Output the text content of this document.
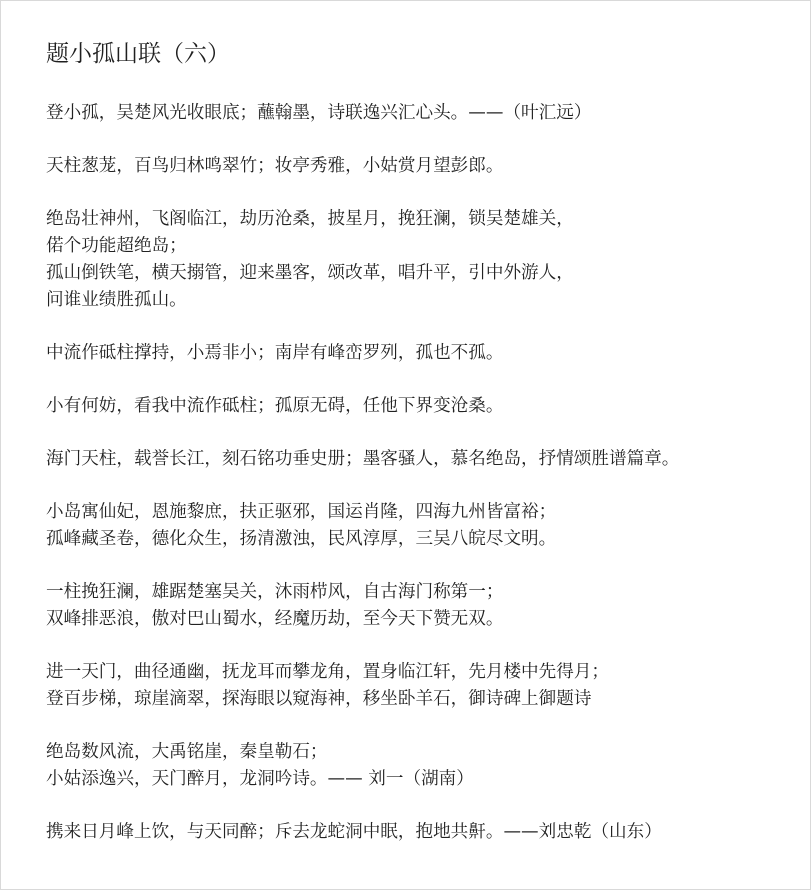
题小孤山联（六）
登小孤，吴楚风光收眼底；蘸翰墨，诗联逸兴汇心头。——（叶汇远）
天柱葱茏，百鸟归林鸣翠竹；妆亭秀雅，小姑赏月望彭郎。
绝岛壮神州，飞阁临江，劫历沧桑，披星月，挽狂澜，锁吴楚雄关，
偌个功能超绝岛；
孤山倒铁笔，横天搦管，迎来墨客，颂改革，唱升平，引中外游人，
问谁业绩胜孤山。
中流作砥柱撑持，小焉非小；南岸有峰峦罗列，孤也不孤。
小有何妨，看我中流作砥柱；孤原无碍，任他下界变沧桑。
海门天柱，载誉长江，刻石铭功垂史册；墨客骚人，慕名绝岛，抒情颂胜谱篇章。
小岛寓仙妃，恩施黎庶，扶正驱邪，国运肖隆，四海九州皆富裕；
孤峰藏圣卷，德化众生，扬清激浊，民风淳厚，三吴八皖尽文明。
一柱挽狂澜，雄踞楚塞吴关，沐雨栉风，自古海门称第一；
双峰排恶浪，傲对巴山蜀水，经魔历劫，至今天下赞无双。
进一天门，曲径通幽，抚龙耳而攀龙角，置身临江轩，先月楼中先得月；
登百步梯，琼崖滴翠，探海眼以窥海神，移坐卧羊石，御诗碑上御题诗
绝岛数风流，大禹铭崖，秦皇勒石；
小姑添逸兴，天门醉月，龙洞吟诗。—— 刘一（湖南）
携来日月峰上饮，与天同醉；斥去龙蛇洞中眠，抱地共鼾。——刘忠乾（山东）
